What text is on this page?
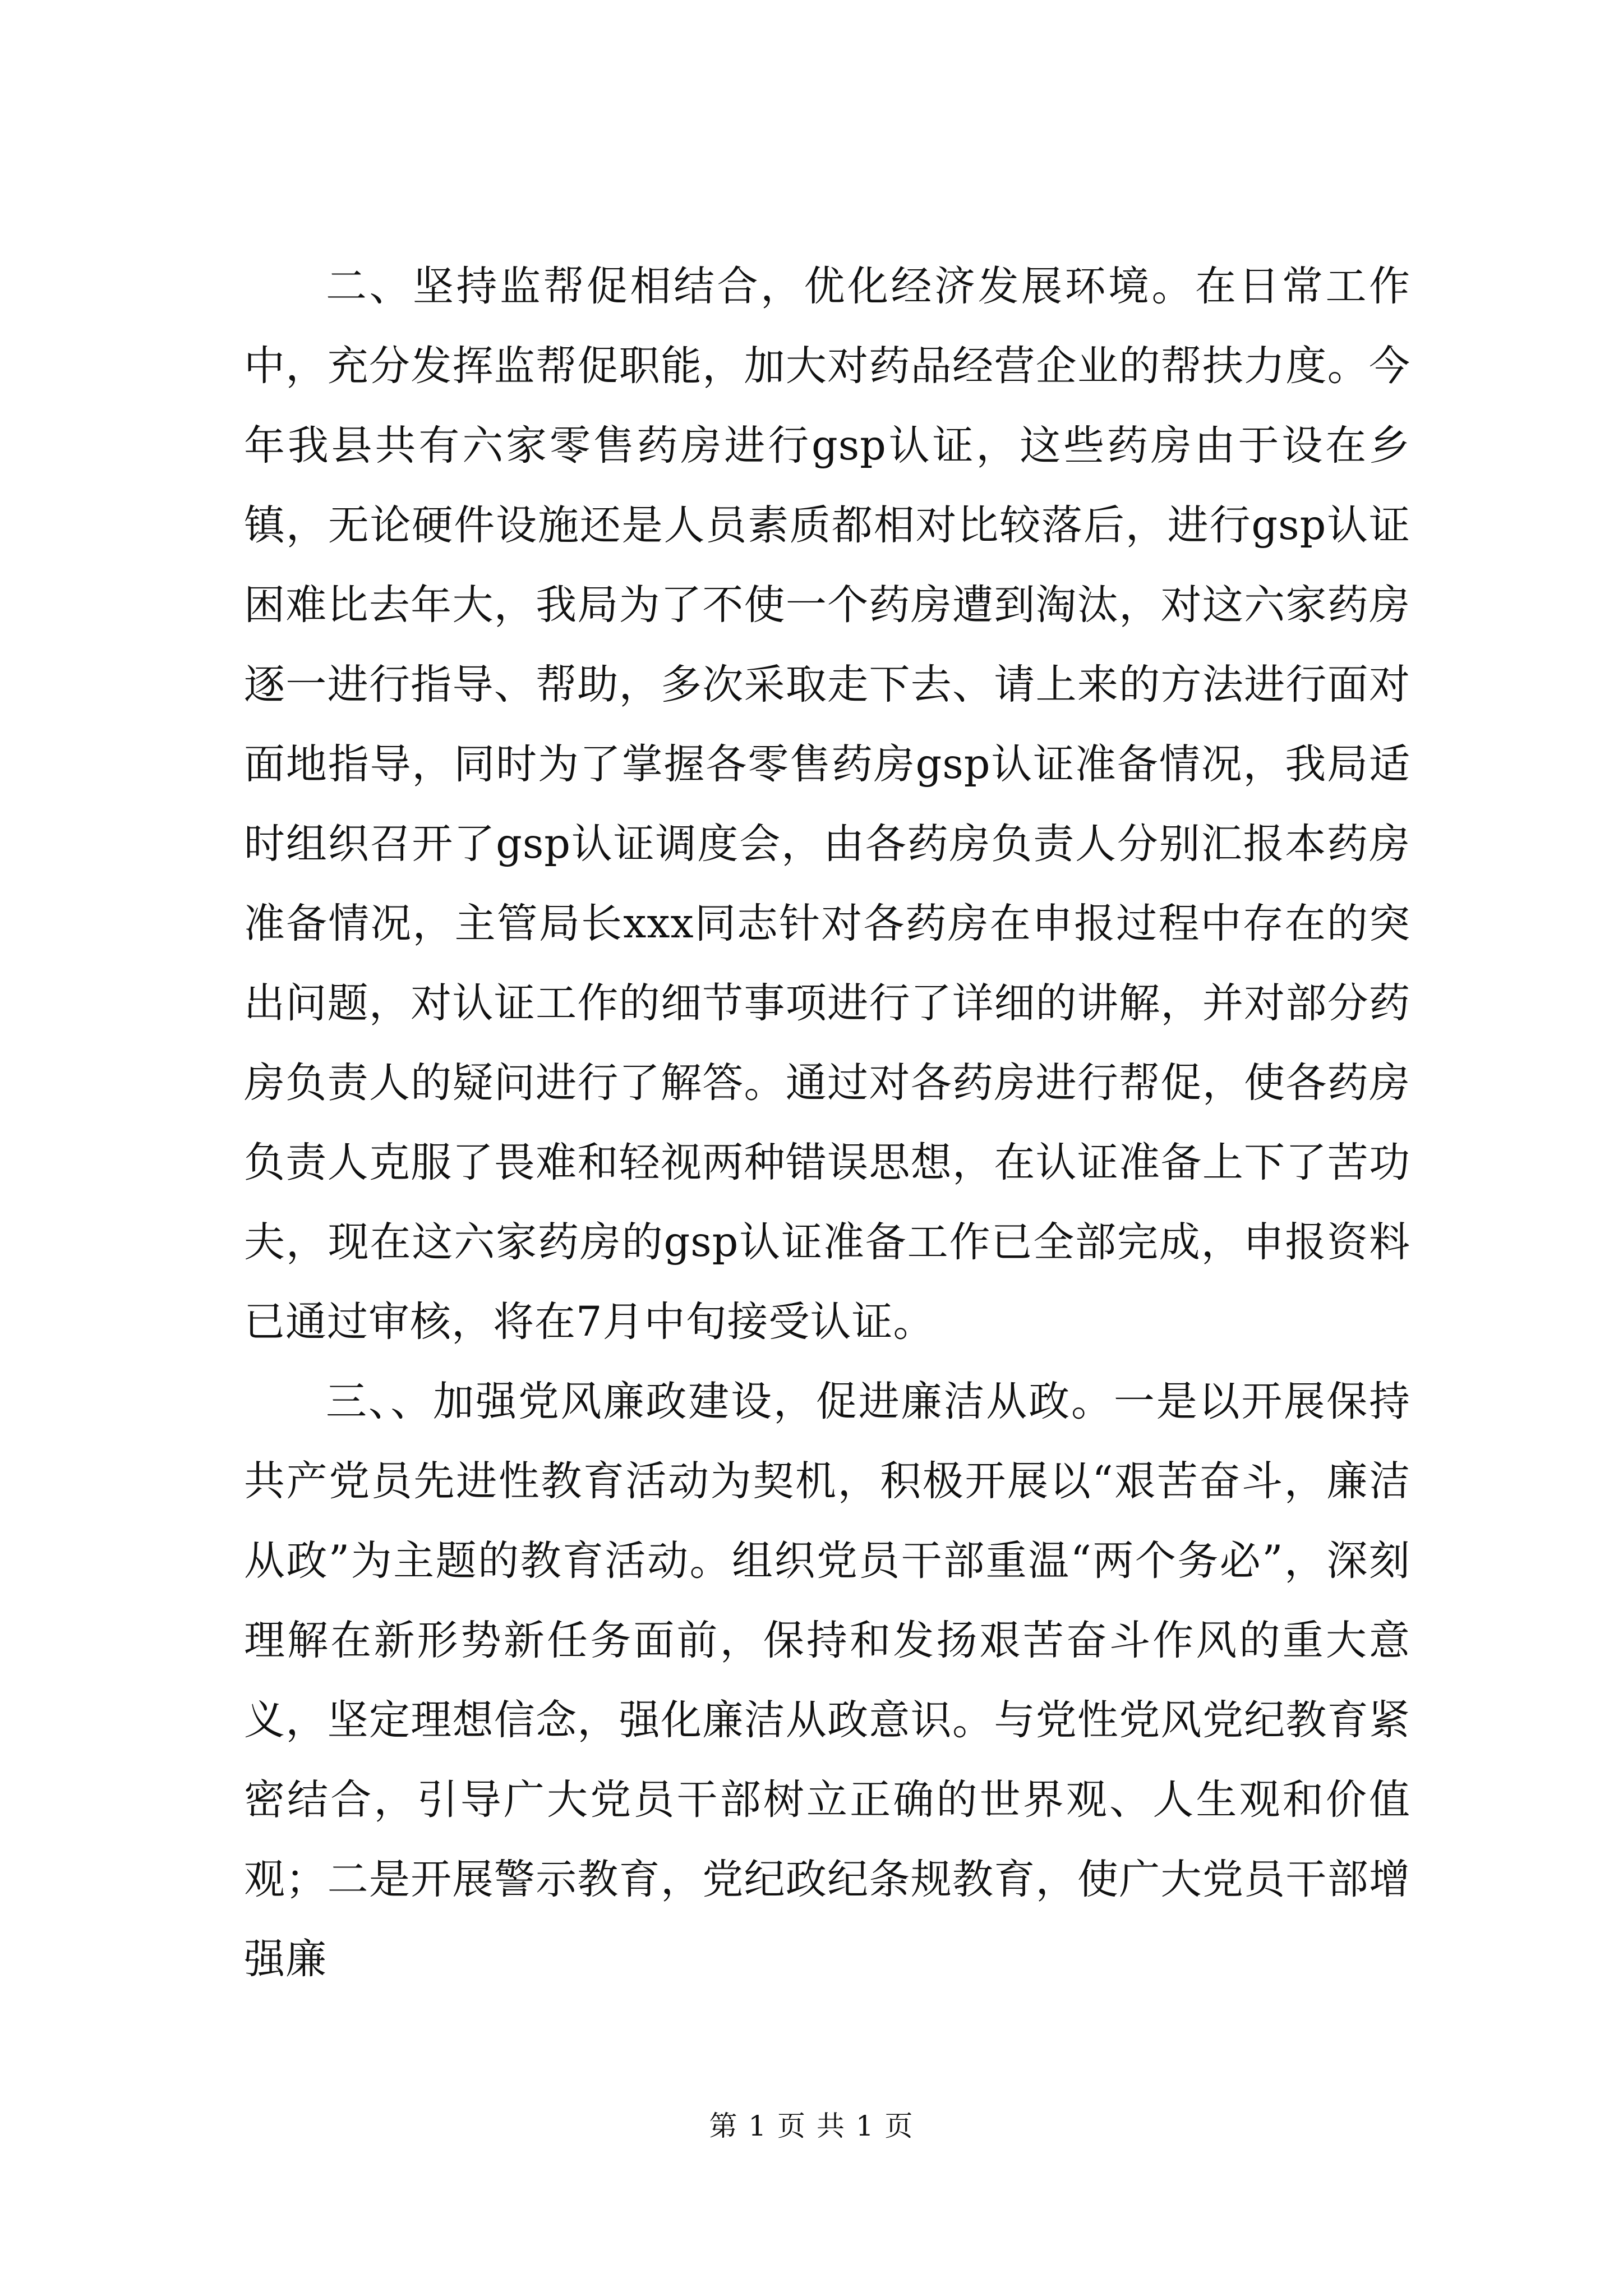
二、坚持监帮促相结合，优化经济发展环境。在日常工作中，充分发挥监帮促职能，加大对药品经营企业的帮扶力度。今年我县共有六家零售药房进行gsp认证，这些药房由于设在乡镇，无论硬件设施还是人员素质都相对比较落后，进行gsp认证困难比去年大，我局为了不使一个药房遭到淘汰，对这六家药房逐一进行指导、帮助，多次采取走下去、请上来的方法进行面对面地指导，同时为了掌握各零售药房gsp认证准备情况，我局适时组织召开了gsp认证调度会，由各药房负责人分别汇报本药房准备情况，主管局长xxx同志针对各药房在申报过程中存在的突出问题，对认证工作的细节事项进行了详细的讲解，并对部分药房负责人的疑问进行了解答。通过对各药房进行帮促，使各药房负责人克服了畏难和轻视两种错误思想，在认证准备上下了苦功夫，现在这六家药房的gsp认证准备工作已全部完成，申报资料已通过审核，将在7月中旬接受认证。

三、、加强党风廉政建设，促进廉洁从政。一是以开展保持共产党员先进性教育活动为契机，积极开展以“艰苦奋斗，廉洁从政”为主题的教育活动。组织党员干部重温“两个务必”，深刻理解在新形势新任务面前，保持和发扬艰苦奋斗作风的重大意义，坚定理想信念，强化廉洁从政意识。与党性党风党纪教育紧密结合，引导广大党员干部树立正确的世界观、人生观和价值观；二是开展警示教育，党纪政纪条规教育，使广大党员干部增强廉

第 1 页 共 1 页
